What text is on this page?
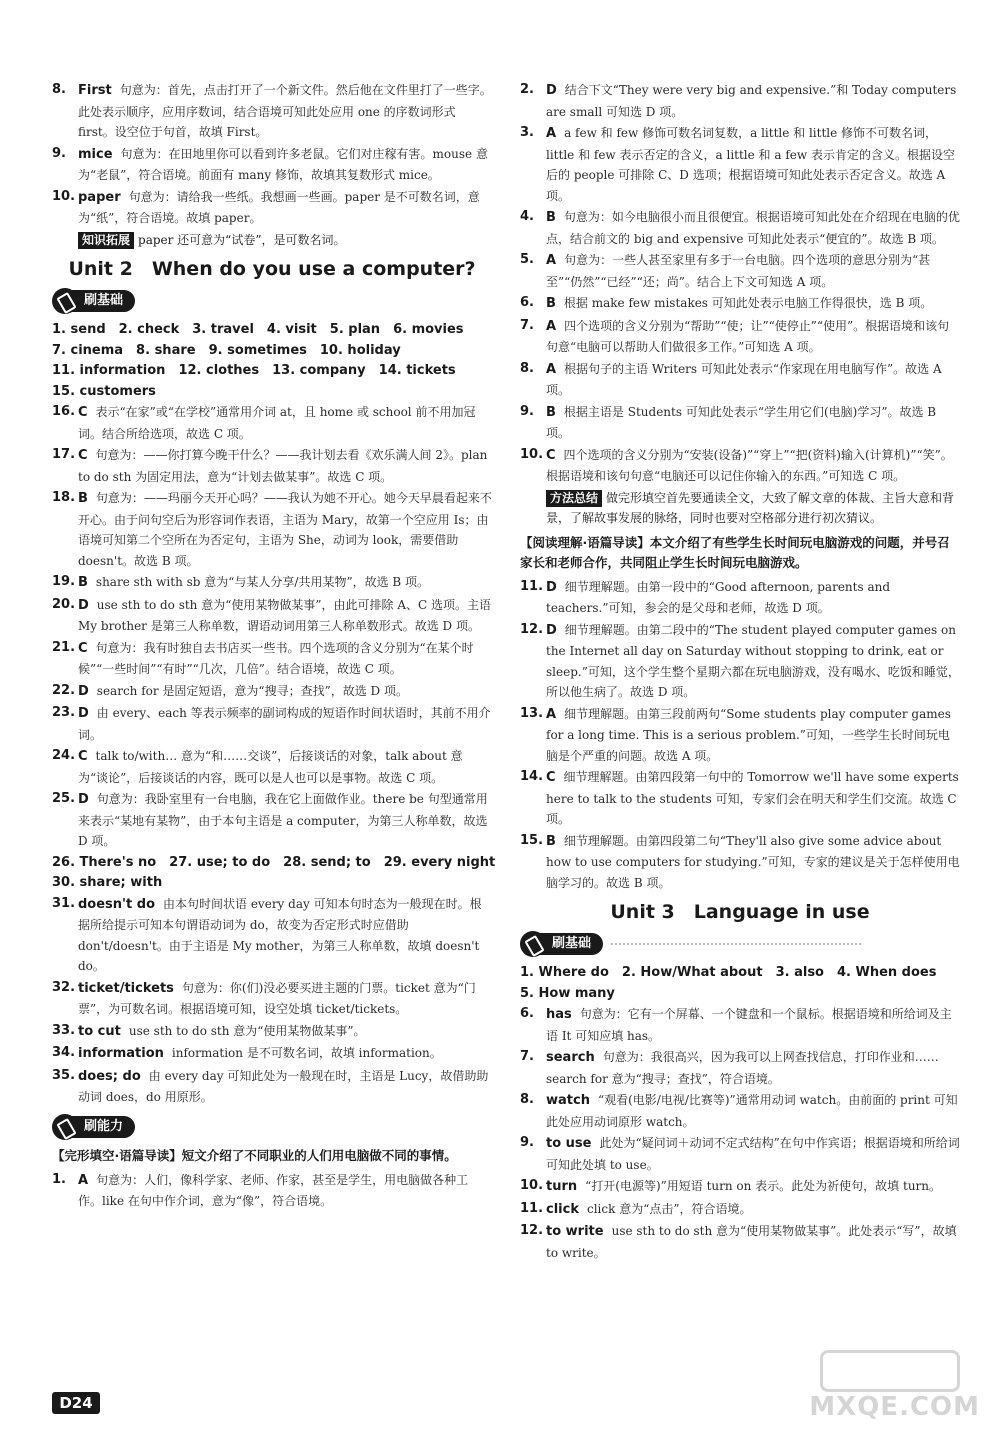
8. First 句意为：首先，点击打开了一个新文件。然后他在文件里打了一些字。此处表示顺序，应用序数词，结合语境可知此处应用 one 的序数词形式 first。设空位于句首，故填 First。
9. mice 句意为：在田地里你可以看到许多老鼠。它们对庄稼有害。mouse 意为“老鼠”，符合语境。前面有 many 修饰，故填其复数形式 mice。
10. paper 句意为：请给我一些纸。我想画一些画。paper 是不可数名词，意为“纸”，符合语境。故填 paper。
知识拓展 paper 还可意为“试卷”，是可数名词。
Unit 2　When do you use a computer?
刷基础
1. send　2. check　3. travel　4. visit　5. plan　6. movies
7. cinema　8. share　9. sometimes　10. holiday
11. information　12. clothes　13. company　14. tickets
15. customers
16. C 表示“在家”或“在学校”通常用介词 at，且 home 或 school 前不用加冠词。结合所给选项，故选 C 项。
17. C 句意为：——你打算今晚干什么？——我计划去看《欢乐满人间 2》。plan to do sth 为固定用法，意为“计划去做某事”。故选 C 项。
18. B 句意为：——玛丽今天开心吗？——我认为她不开心。她今天早晨看起来不开心。由于问句空后为形容词作表语，主语为 Mary，故第一个空应用 Is；由语境可知第二个空所在为否定句，主语为 She，动词为 look，需要借助 doesn't。故选 B 项。
19. B share sth with sb 意为“与某人分享/共用某物”，故选 B 项。
20. D use sth to do sth 意为“使用某物做某事”，由此可排除 A、C 选项。主语 My brother 是第三人称单数，谓语动词用第三人称单数形式。故选 D 项。
21. C 句意为：我有时独自去书店买一些书。四个选项的含义分别为“在某个时候”“一些时间”“有时”“几次，几倍”。结合语境，故选 C 项。
22. D search for 是固定短语，意为“搜寻；查找”，故选 D 项。
23. D 由 every、each 等表示频率的副词构成的短语作时间状语时，其前不用介词。
24. C talk to/with… 意为“和……交谈”，后接谈话的对象，talk about 意为“谈论”，后接谈话的内容，既可以是人也可以是事物。故选 C 项。
25. D 句意为：我卧室里有一台电脑，我在它上面做作业。there be 句型通常用来表示“某地有某物”，由于本句主语是 a computer，为第三人称单数，故选 D 项。
26. There's no　27. use; to do　28. send; to　29. every night
30. share; with
31. doesn't do 由本句时间状语 every day 可知本句时态为一般现在时。根据所给提示可知本句谓语动词为 do，故变为否定形式时应借助 don't/doesn't。由于主语是 My mother，为第三人称单数，故填 doesn't do。
32. ticket/tickets 句意为：你(们)没必要买进主题的门票。ticket 意为“门票”，为可数名词。根据语境可知，设空处填 ticket/tickets。
33. to cut use sth to do sth 意为“使用某物做某事”。
34. information information 是不可数名词，故填 information。
35. does; do 由 every day 可知此处为一般现在时，主语是 Lucy，故借助助动词 does，do 用原形。
刷能力
【完形填空·语篇导读】短文介绍了不同职业的人们用电脑做不同的事情。
1. A 句意为：人们，像科学家、老师、作家，甚至是学生，用电脑做各种工作。like 在句中作介词，意为“像”，符合语境。
2. D 结合下文“They were very big and expensive.”和 Today computers are small 可知选 D 项。
3. A a few 和 few 修饰可数名词复数，a little 和 little 修饰不可数名词，little 和 few 表示否定的含义，a little 和 a few 表示肯定的含义。根据设空后的 people 可排除 C、D 选项；根据语境可知此处表示否定含义。故选 A 项。
4. B 句意为：如今电脑很小而且很便宜。根据语境可知此处在介绍现在电脑的优点，结合前文的 big and expensive 可知此处表示“便宜的”。故选 B 项。
5. A 句意为：一些人甚至家里有多于一台电脑。四个选项的意思分别为“甚至”“仍然”“已经”“还；尚”。结合上下文可知选 A 项。
6. B 根据 make few mistakes 可知此处表示电脑工作得很快，选 B 项。
7. A 四个选项的含义分别为“帮助”“使；让”“使停止”“使用”。根据语境和该句句意“电脑可以帮助人们做很多工作。”可知选 A 项。
8. A 根据句子的主语 Writers 可知此处表示“作家现在用电脑写作”。故选 A 项。
9. B 根据主语是 Students 可知此处表示“学生用它们(电脑)学习”。故选 B 项。
10. C 四个选项的含义分别为“安装(设备)”“穿上”“把(资料)输入(计算机)”“笑”。根据语境和该句句意“电脑还可以记住你输入的东西。”可知选 C 项。
方法总结 做完形填空首先要通读全文，大致了解文章的体裁、主旨大意和背景，了解故事发展的脉络，同时也要对空格部分进行初次猜议。
【阅读理解·语篇导读】本文介绍了有些学生长时间玩电脑游戏的问题，并号召家长和老师合作，共同阻止学生长时间玩电脑游戏。
11. D 细节理解题。由第一段中的“Good afternoon, parents and teachers.”可知，参会的是父母和老师，故选 D 项。
12. D 细节理解题。由第二段中的“The student played computer games on the Internet all day on Saturday without stopping to drink, eat or sleep.”可知，这个学生整个星期六都在玩电脑游戏，没有喝水、吃饭和睡觉，所以他生病了。故选 D 项。
13. A 细节理解题。由第三段前两句“Some students play computer games for a long time. This is a serious problem.”可知，一些学生长时间玩电脑是个严重的问题。故选 A 项。
14. C 细节理解题。由第四段第一句中的 Tomorrow we'll have some experts here to talk to the students 可知，专家们会在明天和学生们交流。故选 C 项。
15. B 细节理解题。由第四段第二句“They'll also give some advice about how to use computers for studying.”可知，专家的建议是关于怎样使用电脑学习的。故选 B 项。
Unit 3　Language in use
刷基础
1. Where do　2. How/What about　3. also　4. When does
5. How many
6. has 句意为：它有一个屏幕、一个键盘和一个鼠标。根据语境和所给词及主语 It 可知应填 has。
7. search 句意为：我很高兴，因为我可以上网查找信息，打印作业和……search for 意为“搜寻；查找”，符合语境。
8. watch “观看(电影/电视/比赛等)”通常用动词 watch。由前面的 print 可知此处应用动词原形 watch。
9. to use 此处为“疑问词＋动词不定式结构”在句中作宾语；根据语境和所给词可知此处填 to use。
10. turn “打开(电源等)”用短语 turn on 表示。此处为祈使句，故填 turn。
11. click click 意为“点击”，符合语境。
12. to write use sth to do sth 意为“使用某物做某事”。此处表示“写”，故填 to write。
D24	MXQE.COM
